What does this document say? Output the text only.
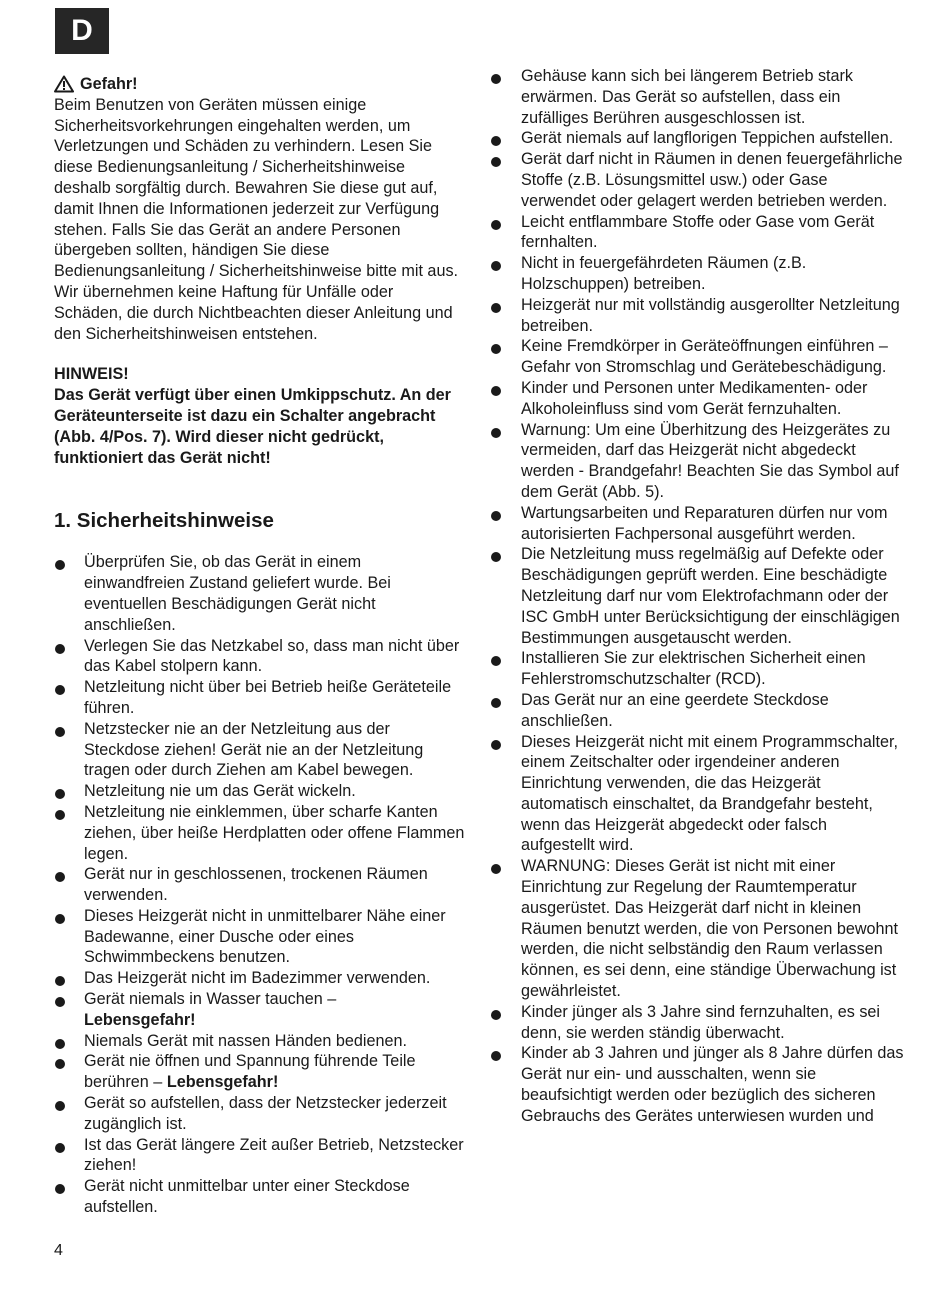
D
Gefahr!

Beim Benutzen von Geräten müssen einige Sicherheitsvorkehrungen eingehalten werden, um Verletzungen und Schäden zu verhindern. Lesen Sie diese Bedienungsanleitung / Sicherheitshinweise deshalb sorgfältig durch. Bewahren Sie diese gut auf, damit Ihnen die Informationen jederzeit zur Verfügung stehen. Falls Sie das Gerät an andere Personen übergeben sollten, händigen Sie diese Bedienungsanleitung / Sicherheitshinweise bitte mit aus. Wir übernehmen keine Haftung für Unfälle oder Schäden, die durch Nichtbeachten dieser Anleitung und den Sicherheitshinweisen entstehen.

HINWEIS!

Das Gerät verfügt über einen Umkippschutz. An der Geräteunterseite ist dazu ein Schalter angebracht (Abb. 4/Pos. 7). Wird dieser nicht gedrückt, funktioniert das Gerät nicht!

1. Sicherheitshinweise
Überprüfen Sie, ob das Gerät in einem einwandfreien Zustand geliefert wurde. Bei eventuellen Beschädigungen Gerät nicht anschließen.
Verlegen Sie das Netzkabel so, dass man nicht über das Kabel stolpern kann.
Netzleitung nicht über bei Betrieb heiße Geräteteile führen.
Netzstecker nie an der Netzleitung aus der Steckdose ziehen! Gerät nie an der Netzleitung tragen oder durch Ziehen am Kabel bewegen.
Netzleitung nie um das Gerät wickeln.
Netzleitung nie einklemmen, über scharfe Kanten ziehen, über heiße Herdplatten oder offene Flammen legen.
Gerät nur in geschlossenen, trockenen Räumen verwenden.
Dieses Heizgerät nicht in unmittelbarer Nähe einer Badewanne, einer Dusche oder eines Schwimmbeckens benutzen.
Das Heizgerät nicht im Badezimmer verwenden.
Gerät niemals in Wasser tauchen –
Lebensgefahr!
Niemals Gerät mit nassen Händen bedienen.
Gerät nie öffnen und Spannung führende Teile berühren – Lebensgefahr!
Gerät so aufstellen, dass der Netzstecker jederzeit zugänglich ist.
Ist das Gerät längere Zeit außer Betrieb, Netzstecker ziehen!
Gerät nicht unmittelbar unter einer Steckdose aufstellen.
Gehäuse kann sich bei längerem Betrieb stark erwärmen. Das Gerät so aufstellen, dass ein zufälliges Berühren ausgeschlossen ist.
Gerät niemals auf langflorigen Teppichen aufstellen.
Gerät darf nicht in Räumen in denen feuergefährliche Stoffe (z.B. Lösungsmittel usw.) oder Gase verwendet oder gelagert werden betrieben werden.
Leicht entflammbare Stoffe oder Gase vom Gerät fernhalten.
Nicht in feuergefährdeten Räumen (z.B. Holzschuppen) betreiben.
Heizgerät nur mit vollständig ausgerollter Netzleitung betreiben.
Keine Fremdkörper in Geräteöffnungen einführen – Gefahr von Stromschlag und Gerätebeschädigung.
Kinder und Personen unter Medikamenten- oder Alkoholeinfluss sind vom Gerät fernzuhalten.
Warnung: Um eine Überhitzung des Heizgerätes zu vermeiden, darf das Heizgerät nicht abgedeckt werden - Brandgefahr! Beachten Sie das Symbol auf dem Gerät (Abb. 5).
Wartungsarbeiten und Reparaturen dürfen nur vom autorisierten Fachpersonal ausgeführt werden.
Die Netzleitung muss regelmäßig auf Defekte oder Beschädigungen geprüft werden. Eine beschädigte Netzleitung darf nur vom Elektrofachmann oder der ISC GmbH unter Berücksichtigung der einschlägigen Bestimmungen ausgetauscht werden.
Installieren Sie zur elektrischen Sicherheit einen Fehlerstromschutzschalter (RCD).
Das Gerät nur an eine geerdete Steckdose anschließen.
Dieses Heizgerät nicht mit einem Programmschalter, einem Zeitschalter oder irgendeiner anderen Einrichtung verwenden, die das Heizgerät automatisch einschaltet, da Brandgefahr besteht, wenn das Heizgerät abgedeckt oder falsch aufgestellt wird.
WARNUNG: Dieses Gerät ist nicht mit einer Einrichtung zur Regelung der Raumtemperatur ausgerüstet. Das Heizgerät darf nicht in kleinen Räumen benutzt werden, die von Personen bewohnt werden, die nicht selbständig den Raum verlassen können, es sei denn, eine ständige Überwachung ist gewährleistet.
Kinder jünger als 3 Jahre sind fernzuhalten, es sei denn, sie werden ständig überwacht.
Kinder ab 3 Jahren und jünger als 8 Jahre dürfen das Gerät nur ein- und ausschalten, wenn sie beaufsichtigt werden oder bezüglich des sicheren Gebrauchs des Gerätes unterwiesen wurden und
4
